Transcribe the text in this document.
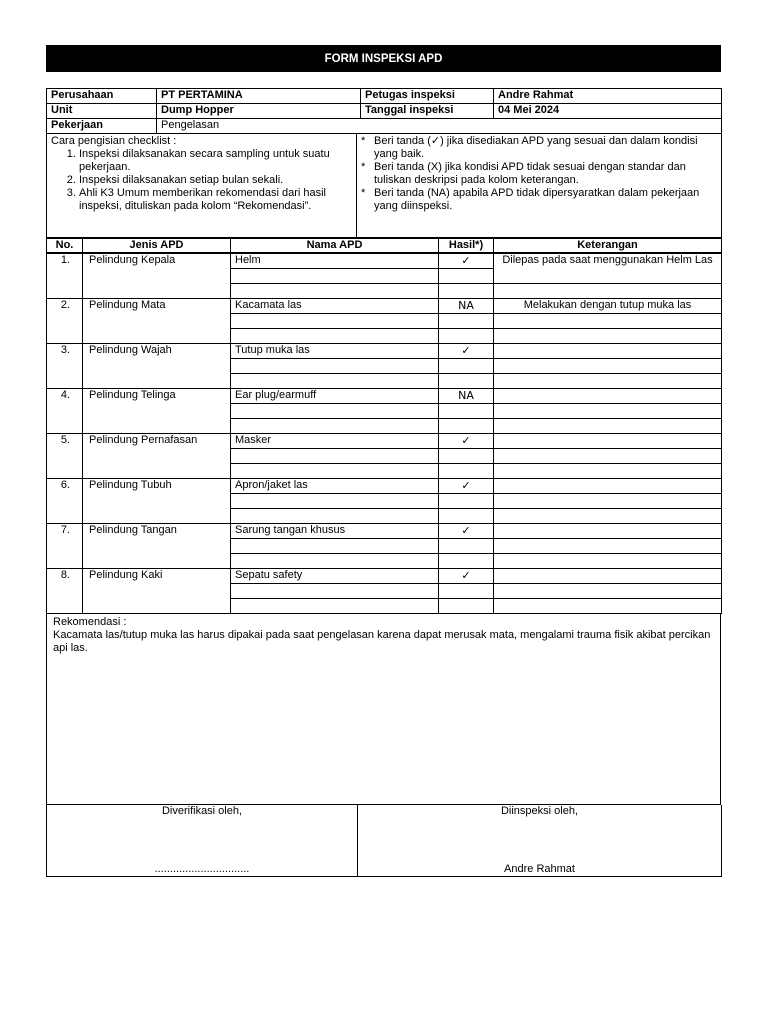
FORM INSPEKSI APD
Perusahaan	PT PERTAMINA	Petugas inspeksi	Andre Rahmat
Unit	Dump Hopper	Tanggal inspeksi	04 Mei 2024
Pekerjaan	Pengelasan		
Cara pengisian checklist :
1. Inspeksi dilaksanakan secara sampling untuk suatu pekerjaan.
2. Inspeksi dilaksanakan setiap bulan sekali.
3. Ahli K3 Umum memberikan rekomendasi dari hasil inspeksi, dituliskan pada kolom “Rekomendasi”.

* Beri tanda (✓) jika disediakan APD yang sesuai dan dalam kondisi yang baik.
* Beri tanda (X) jika kondisi APD tidak sesuai dengan standar dan tuliskan deskripsi pada kolom keterangan.
* Beri tanda (NA) apabila APD tidak dipersyaratkan dalam pekerjaan yang diinspeksi.
No.	Jenis APD	Nama APD	Hasil*)	Keterangan
1.	Pelindung Kepala	Helm	✓	Dilepas pada saat menggunakan Helm Las

2.	Pelindung Mata	Kacamata las	NA	Melakukan dengan tutup muka las

3.	Pelindung Wajah	Tutup muka las	✓	

4.	Pelindung Telinga	Ear plug/earmuff	NA	

5.	Pelindung Pernafasan	Masker	✓	

6.	Pelindung Tubuh	Apron/jaket las	✓	

7.	Pelindung Tangan	Sarung tangan khusus	✓	

8.	Pelindung Kaki	Sepatu safety	✓	

Rekomendasi :
Kacamata las/tutup muka las harus dipakai pada saat pengelasan karena dapat merusak mata, mengalami trauma fisik akibat percikan api las.
Diverifikasi oleh,
...............................

Diinspeksi oleh,
Andre Rahmat
